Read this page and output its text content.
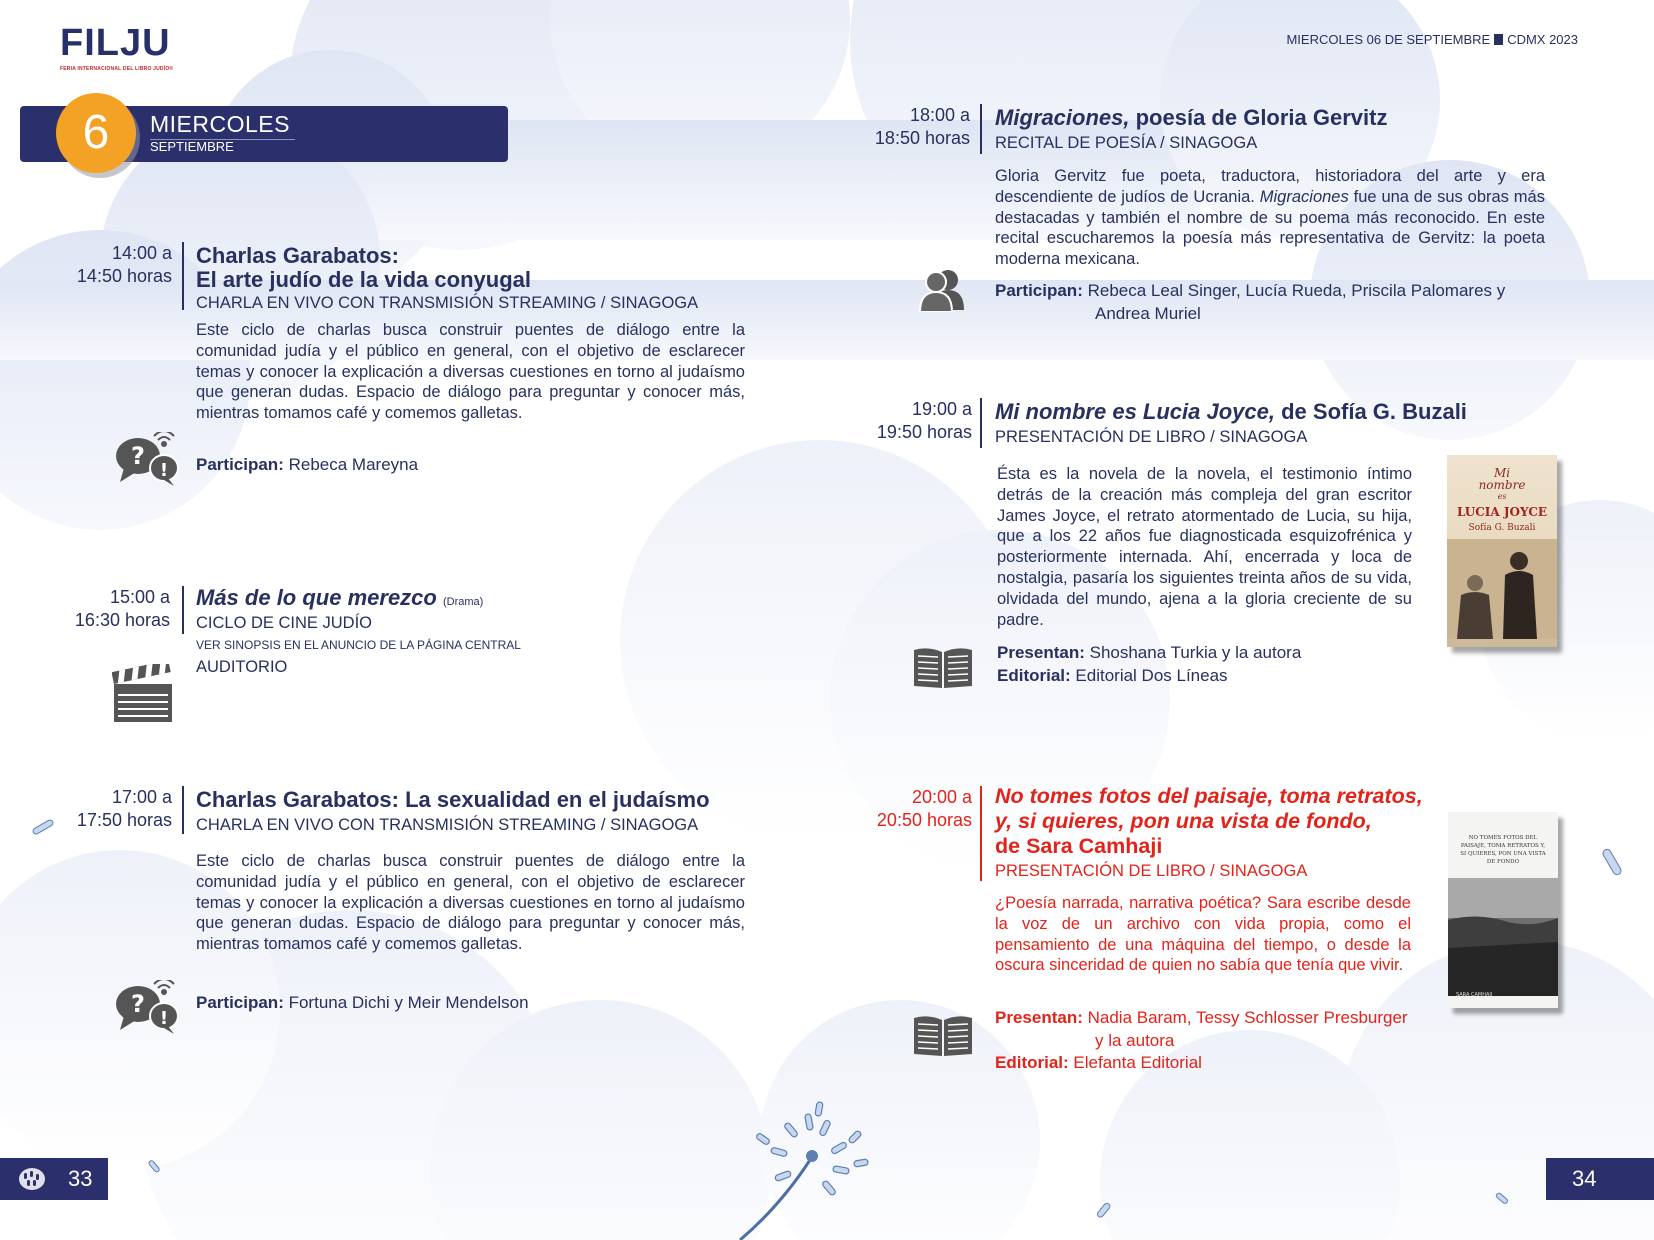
FILJU
FERIA INTERNACIONAL DEL LIBRO JUDÍO®
MIERCOLES 06 DE SEPTIEMBRE CDMX 2023
6	MIERCOLES
SEPTIEMBRE
14:00 a
14:50 horas
Charlas Garabatos:
El arte judío de la vida conyugal
CHARLA EN VIVO CON TRANSMISIÓN STREAMING / SINAGOGA
Este ciclo de charlas busca construir puentes de diálogo entre la comunidad judía y el público en general, con el objetivo de esclarecer temas y conocer la explicación a diversas cuestiones en torno al judaísmo que generan dudas. Espacio de diálogo para preguntar y conocer más, mientras tomamos café y comemos galletas.
Participan: Rebeca Mareyna
?
!
15:00 a
16:30 horas
Más de lo que merezco (Drama)
CICLO DE CINE JUDÍO
VER SINOPSIS EN EL ANUNCIO DE LA PÁGINA CENTRAL
AUDITORIO
17:00 a
17:50 horas
Charlas Garabatos: La sexualidad en el judaísmo
CHARLA EN VIVO CON TRANSMISIÓN STREAMING / SINAGOGA
Este ciclo de charlas busca construir puentes de diálogo entre la comunidad judía y el público en general, con el objetivo de esclarecer temas y conocer la explicación a diversas cuestiones en torno al judaísmo que generan dudas. Espacio de diálogo para preguntar y conocer más, mientras tomamos café y comemos galletas.
Participan: Fortuna Dichi y Meir Mendelson
?
!
18:00 a
18:50 horas
Migraciones, poesía de Gloria Gervitz
RECITAL DE POESÍA / SINAGOGA
Gloria Gervitz fue poeta, traductora, historiadora del arte y era descendiente de judíos de Ucrania. Migraciones fue una de sus obras más destacadas y también el nombre de su poema más reconocido. En este recital escucharemos la poesía más representativa de Gervitz: la poeta moderna mexicana.
Participan: Rebeca Leal Singer, Lucía Rueda, Priscila Palomares y
Andrea Muriel
19:00 a
19:50 horas
Mi nombre es Lucia Joyce, de Sofía G. Buzali
PRESENTACIÓN DE LIBRO / SINAGOGA
Ésta es la novela de la novela, el testimonio íntimo detrás de la creación más compleja del gran escritor James Joyce, el retrato atormentado de Lucia, su hija, que a los 22 años fue diagnosticada esquizofrénica y posteriormente internada. Ahí, encerrada y loca de nostalgia, pasaría los siguientes treinta años de su vida, olvidada del mundo, ajena a la gloria creciente de su padre.
Presentan: Shoshana Turkia y la autora
Editorial: Editorial Dos Líneas
Mi
nombre
es
LUCIA JOYCE
Sofía G. Buzali
20:00 a
20:50 horas
No tomes fotos del paisaje, toma retratos,
y, si quieres, pon una vista de fondo,
de Sara Camhaji
PRESENTACIÓN DE LIBRO / SINAGOGA
¿Poesía narrada, narrativa poética? Sara escribe desde la voz de un archivo con vida propia, como el pensamiento de una máquina del tiempo, o desde la oscura sinceridad de quien no sabía que tenía que vivir.
Presentan: Nadia Baram, Tessy Schlosser Presburger
y la autora
Editorial: Elefanta Editorial
NO TOMES FOTOS DEL PAISAJE, TOMA RETRATOS Y, SI QUIERES, PON UNA VISTA DE FONDO
SARA CAMHAJI
33	34
